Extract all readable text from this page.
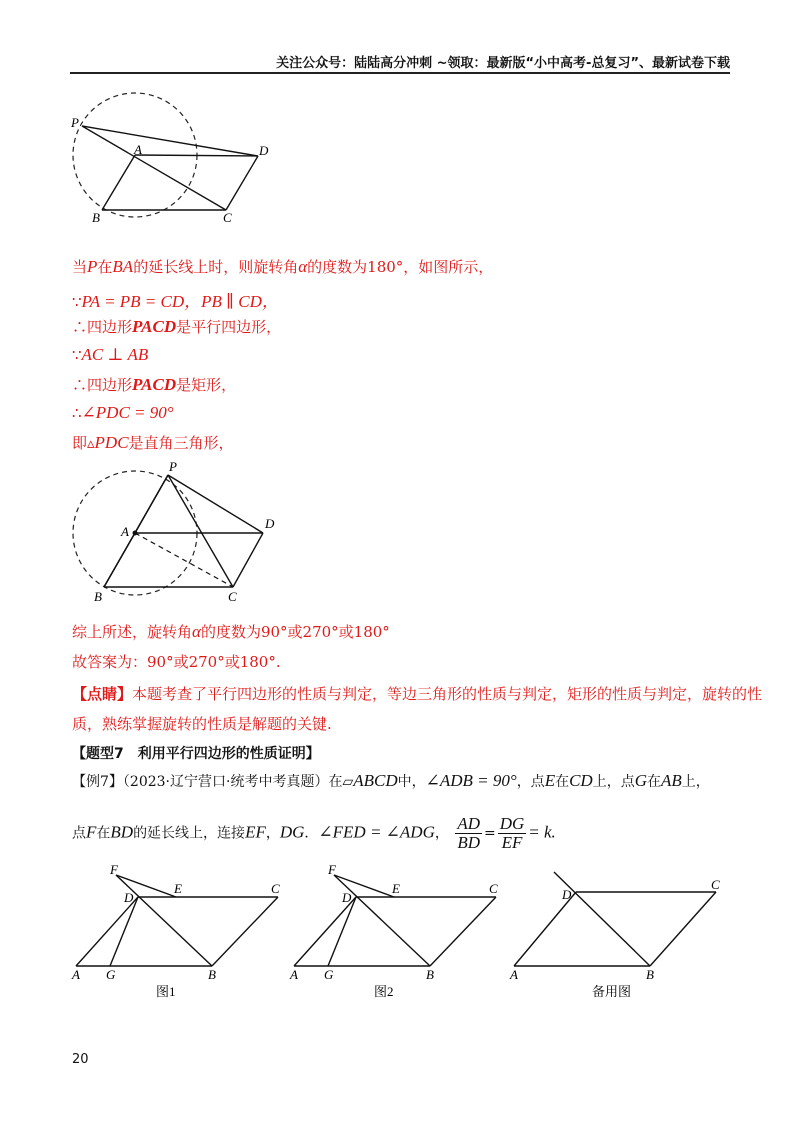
关注公众号：陆陆高分冲刺 ~领取：最新版“小中高考-总复习”、最新试卷下载
P
A	D
B	C
当P在BA的延长线上时，则旋转角α的度数为180°，如图所示，
∵PA = PB = CD，PB ∥ CD，
∴四边形PACD是平行四边形，
∵AC ⊥ AB
∴四边形PACD是矩形，
∴∠PDC = 90°
即▵PDC是直角三角形，
P
A
D
B	C
综上所述，旋转角α的度数为90°或270°或180°
故答案为：90°或270°或180°.
【点睛】本题考查了平行四边形的性质与判定，等边三角形的性质与判定，矩形的性质与判定，旋转的性
质，熟练掌握旋转的性质是解题的关键.
【题型7　利用平行四边形的性质证明】
【例7】（2023·辽宁营口·统考中考真题）在▱ABCD中，∠ADB = 90°，点E在CD上，点G在AB上，
点F在BD的延长线上，连接EF，DG．∠FED = ∠ADG， $\frac{AD}{BD} = \frac{DG}{EF} = k$.
F
D
E	C
A G	B
图1
F
D
E	C
A G	B
图2
D
C
A	B
备用图
20
